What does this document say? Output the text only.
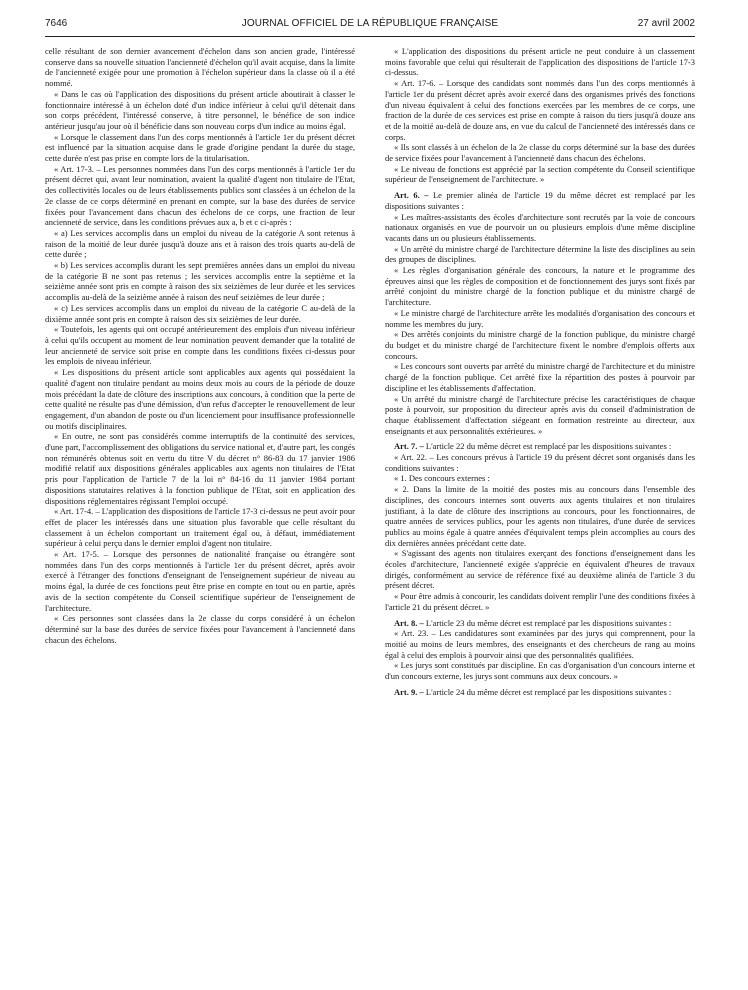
7646	JOURNAL OFFICIEL DE LA RÉPUBLIQUE FRANÇAISE	27 avril 2002

celle résultant de son dernier avancement d'échelon dans son ancien grade, l'intéressé conserve dans sa nouvelle situation l'ancienneté d'échelon qu'il avait acquise, dans la limite de l'ancienneté exigée pour une promotion à l'échelon supérieur dans la classe où il a été nommé.

« Dans le cas où l'application des dispositions du présent article aboutirait à classer le fonctionnaire intéressé à un échelon doté d'un indice inférieur à celui qu'il détenait dans son corps précédent, l'intéressé conserve, à titre personnel, le bénéfice de son indice antérieur jusqu'au jour où il bénéficie dans son nouveau corps d'un indice au moins égal.

« Lorsque le classement dans l'un des corps mentionnés à l'article 1er du présent décret est influencé par la situation acquise dans le grade d'origine pendant la durée du stage, cette durée n'est pas prise en compte lors de la titularisation.

« Art. 17-3. – Les personnes nommées dans l'un des corps mentionnés à l'article 1er du présent décret qui, avant leur nomination, avaient la qualité d'agent non titulaire de l'Etat, des collectivités locales ou de leurs établissements publics sont classées à un échelon de la 2e classe de ce corps déterminé en prenant en compte, sur la base des durées de service fixées pour l'avancement dans chacun des échelons de ce corps, une fraction de leur ancienneté de service, dans les conditions prévues aux a, b et c ci-après :

« a) Les services accomplis dans un emploi du niveau de la catégorie A sont retenus à raison de la moitié de leur durée jusqu'à douze ans et à raison des trois quarts au-delà de cette durée ;

« b) Les services accomplis durant les sept premières années dans un emploi du niveau de la catégorie B ne sont pas retenus ; les services accomplis entre la septième et la seizième année sont pris en compte à raison des six seizièmes de leur durée et les services accomplis au-delà de la seizième année à raison des neuf seizièmes de leur durée ;

« c) Les services accomplis dans un emploi du niveau de la catégorie C au-delà de la dixième année sont pris en compte à raison des six seizièmes de leur durée.

« Toutefois, les agents qui ont occupé antérieurement des emplois d'un niveau inférieur à celui qu'ils occupent au moment de leur nomination peuvent demander que la totalité de leur ancienneté de service soit prise en compte dans les conditions fixées ci-dessus pour les emplois de niveau inférieur.

« Les dispositions du présent article sont applicables aux agents qui possédaient la qualité d'agent non titulaire pendant au moins deux mois au cours de la période de douze mois précédant la date de clôture des inscriptions aux concours, à condition que la perte de cette qualité ne résulte pas d'une démission, d'un refus d'accepter le renouvellement de leur engagement, d'un abandon de poste ou d'un licenciement pour insuffisance professionnelle ou motifs disciplinaires.

« En outre, ne sont pas considérés comme interruptifs de la continuité des services, d'une part, l'accomplissement des obligations du service national et, d'autre part, les congés non rémunérés obtenus soit en vertu du titre V du décret n° 86-83 du 17 janvier 1986 modifié relatif aux dispositions générales applicables aux agents non titulaires de l'Etat pris pour l'application de l'article 7 de la loi n° 84-16 du 11 janvier 1984 portant dispositions statutaires relatives à la fonction publique de l'Etat, soit en application des dispositions réglementaires régissant l'emploi occupé.

« Art. 17-4. – L'application des dispositions de l'article 17-3 ci-dessus ne peut avoir pour effet de placer les intéressés dans une situation plus favorable que celle résultant du classement à un échelon comportant un traitement égal ou, à défaut, immédiatement supérieur à celui perçu dans le dernier emploi d'agent non titulaire.

« Art. 17-5. – Lorsque des personnes de nationalité française ou étrangère sont nommées dans l'un des corps mentionnés à l'article 1er du présent décret, après avoir exercé à l'étranger des fonctions d'enseignant de l'enseignement supérieur de niveau au moins égal, la durée de ces fonctions peut être prise en compte en tout ou en partie, après avis de la section compétente du Conseil scientifique supérieur de l'enseignement de l'architecture.

« Ces personnes sont classées dans la 2e classe du corps considéré à un échelon déterminé sur la base des durées de service fixées pour l'avancement à l'ancienneté dans chacun des échelons.

« L'application des dispositions du présent article ne peut conduire à un classement moins favorable que celui qui résulterait de l'application des dispositions de l'article 17-3 ci-dessus.

« Art. 17-6. – Lorsque des candidats sont nommés dans l'un des corps mentionnés à l'article 1er du présent décret après avoir exercé dans des organismes privés des fonctions d'un niveau équivalent à celui des fonctions exercées par les membres de ce corps, une fraction de la durée de ces services est prise en compte à raison du tiers jusqu'à douze ans et de la moitié au-delà de douze ans, en vue du calcul de l'ancienneté des intéressés dans ce corps.

« Ils sont classés à un échelon de la 2e classe du corps déterminé sur la base des durées de service fixées pour l'avancement à l'ancienneté dans chacun des échelons.

« Le niveau de fonctions est apprécié par la section compétente du Conseil scientifique supérieur de l'enseignement de l'architecture. »

Art. 6. – Le premier alinéa de l'article 19 du même décret est remplacé par les dispositions suivantes :

« Les maîtres-assistants des écoles d'architecture sont recrutés par la voie de concours nationaux organisés en vue de pourvoir un ou plusieurs emplois d'une même discipline vacants dans un ou plusieurs établissements.

« Un arrêté du ministre chargé de l'architecture détermine la liste des disciplines au sein des groupes de disciplines.

« Les règles d'organisation générale des concours, la nature et le programme des épreuves ainsi que les règles de composition et de fonctionnement des jurys sont fixés par arrêté conjoint du ministre chargé de la fonction publique et du ministre chargé de l'architecture.

« Le ministre chargé de l'architecture arrête les modalités d'organisation des concours et nomme les membres du jury.

« Des arrêtés conjoints du ministre chargé de la fonction publique, du ministre chargé du budget et du ministre chargé de l'architecture fixent le nombre d'emplois offerts aux concours.

« Les concours sont ouverts par arrêté du ministre chargé de l'architecture et du ministre chargé de la fonction publique. Cet arrêté fixe la répartition des postes à pourvoir par discipline et les établissements d'affectation.

« Un arrêté du ministre chargé de l'architecture précise les caractéristiques de chaque poste à pourvoir, sur proposition du directeur après avis du conseil d'administration de chaque établissement d'affectation siégeant en formation restreinte au directeur, aux enseignants et aux personnalités extérieures. »

Art. 7. – L'article 22 du même décret est remplacé par les dispositions suivantes :

« Art. 22. – Les concours prévus à l'article 19 du présent décret sont organisés dans les conditions suivantes :

« 1. Des concours externes :

« 2. Dans la limite de la moitié des postes mis au concours dans l'ensemble des disciplines, des concours internes sont ouverts aux agents titulaires et non titulaires justifiant, à la date de clôture des inscriptions au concours, pour les fonctionnaires, de quatre années de services publics, pour les agents non titulaires, d'une durée de services publics au moins égale à quatre années d'équivalent temps plein accomplies au cours des dix dernières années précédant cette date.

« S'agissant des agents non titulaires exerçant des fonctions d'enseignement dans les écoles d'architecture, l'ancienneté exigée s'apprécie en équivalent d'heures de travaux dirigés, conformément au service de référence fixé au deuxième alinéa de l'article 3 du présent décret.

« Pour être admis à concourir, les candidats doivent remplir l'une des conditions fixées à l'article 21 du présent décret. »

Art. 8. – L'article 23 du même décret est remplacé par les dispositions suivantes :

« Art. 23. – Les candidatures sont examinées par des jurys qui comprennent, pour la moitié au moins de leurs membres, des enseignants et des chercheurs de rang au moins égal à celui des emplois à pourvoir ainsi que des personnalités qualifiées.

« Les jurys sont constitués par discipline. En cas d'organisation d'un concours interne et d'un concours externe, les jurys sont communs aux deux concours. »

Art. 9. – L'article 24 du même décret est remplacé par les dispositions suivantes :
